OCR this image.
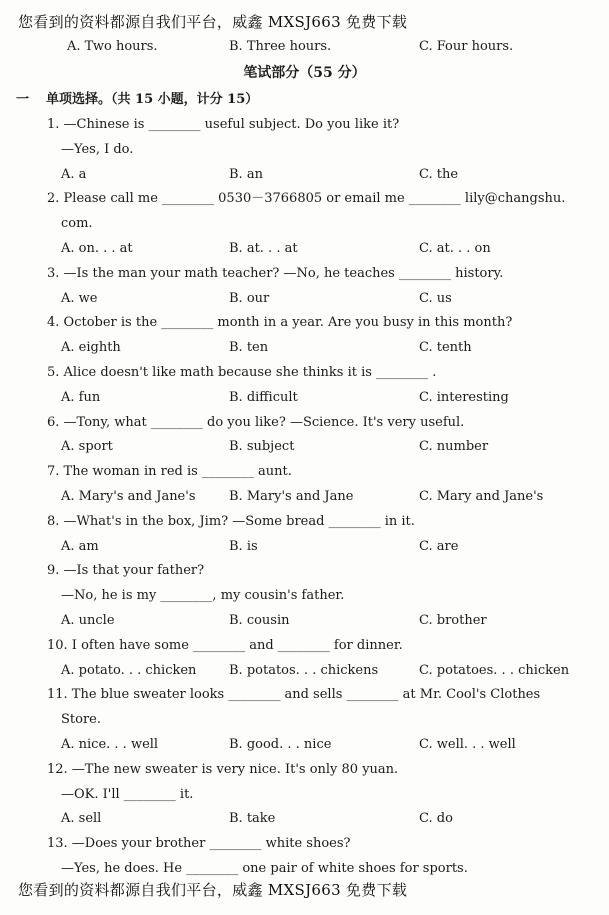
您看到的资料都源自我们平台，威鑫 MXSJ663 免费下载
A. Two hours.	B. Three hours.	C. Four hours.
笔试部分（55 分）
一 单项选择。（共 15 小题，计分 15）
1. —Chinese is ________ useful subject. Do you like it?
—Yes, I do.
A. a	B. an	C. the
2. Please call me ________ 0530－3766805 or email me ________ lily@changshu.
com.
A. on. . . at	B. at. . . at	C. at. . . on
3. —Is the man your math teacher? —No, he teaches ________ history.
A. we	B. our	C. us
4. October is the ________ month in a year. Are you busy in this month?
A. eighth	B. ten	C. tenth
5. Alice doesn't like math because she thinks it is ________ .
A. fun	B. difficult	C. interesting
6. —Tony, what ________ do you like? —Science. It's very useful.
A. sport	B. subject	C. number
7. The woman in red is ________ aunt.
A. Mary's and Jane's	B. Mary's and Jane	C. Mary and Jane's
8. —What's in the box, Jim? —Some bread ________ in it.
A. am	B. is	C. are
9. —Is that your father?
—No, he is my ________, my cousin's father.
A. uncle	B. cousin	C. brother
10. I often have some ________ and ________ for dinner.
A. potato. . . chicken	B. potatos. . . chickens	C. potatoes. . . chicken
11. The blue sweater looks ________ and sells ________ at Mr. Cool's Clothes
Store.
A. nice. . . well	B. good. . . nice	C. well. . . well
12. —The new sweater is very nice. It's only 80 yuan.
—OK. I'll ________ it.
A. sell	B. take	C. do
13. —Does your brother ________ white shoes?
—Yes, he does. He ________ one pair of white shoes for sports.
您看到的资料都源自我们平台，威鑫 MXSJ663 免费下载
